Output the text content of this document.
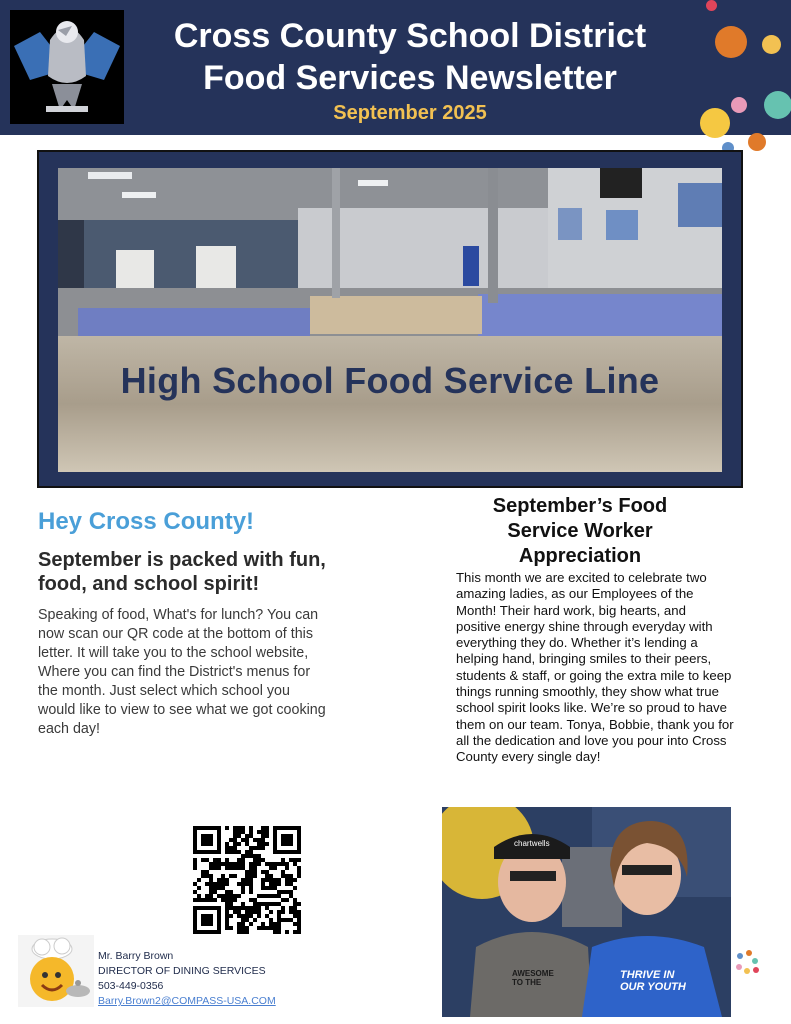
Cross County School District
Food Services Newsletter
September 2025
High School Food Service Line
Hey Cross County!
September is packed with fun, food, and school spirit!
Speaking of food, What's for lunch? You can now scan our QR code at the bottom of this letter. It will take you to the school website, Where you can find the District's menus for the month. Just select which school you would like to view to see what we got cooking each day!
Mr. Barry Brown
DIRECTOR OF DINING SERVICES
503-449-0356
Barry.Brown2@COMPASS-USA.COM
September’s Food
Service Worker
Appreciation
This month we are excited to celebrate two amazing ladies, as our Employees of the Month! Their hard work, big hearts, and positive energy shine through everyday with everything they do. Whether it’s lending a helping hand, bringing smiles to their peers, students & staff, or going the extra mile to keep things running smoothly, they show what true school spirit looks like. We’re so proud to have them on our team. Tonya, Bobbie, thank you for all the dedication and love you pour into Cross County every single day!
chartwells
AWESOME TO THE
THRIVE IN OUR YOUTH
